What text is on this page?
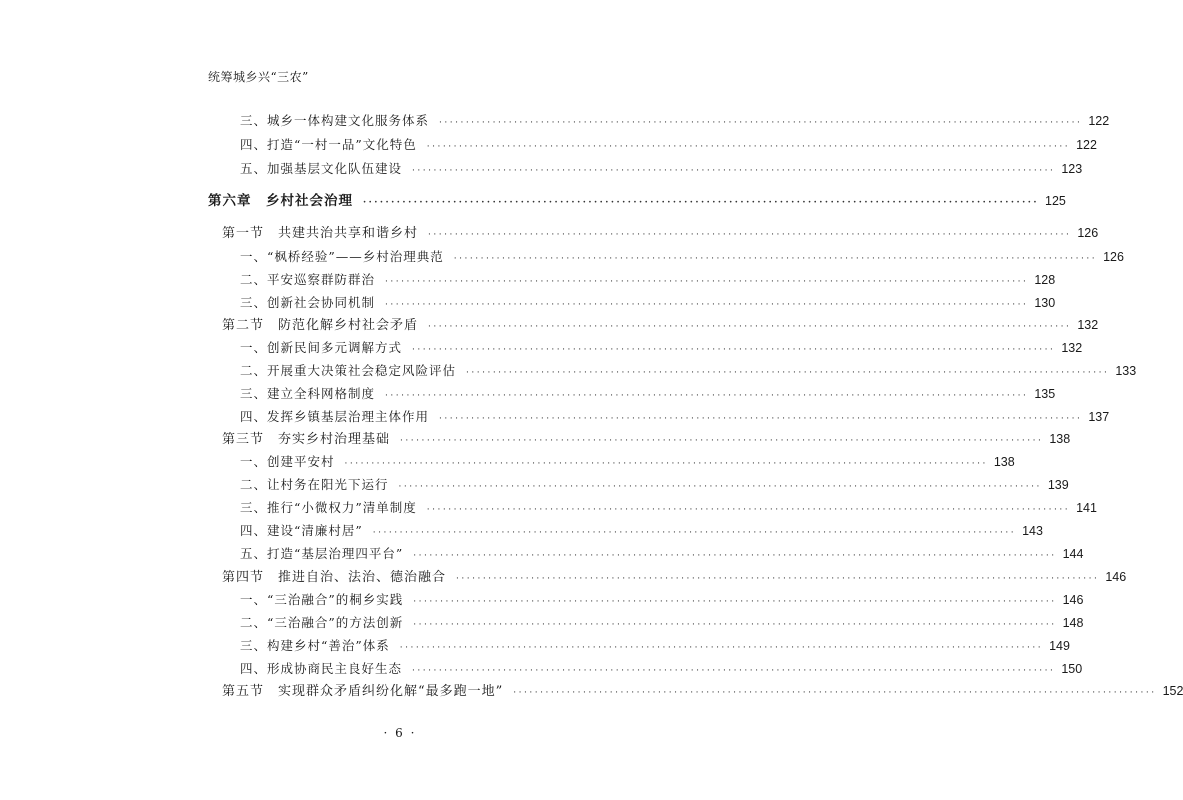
统筹城乡兴“三农”
三、城乡一体构建文化服务体系 ························································································································ 122
四、打造“一村一品”文化特色 ························································································································ 122
五、加强基层文化队伍建设 ························································································································ 123
第六章　乡村社会治理 ························································································································ 125
第一节　共建共治共享和谐乡村 ························································································································ 126
一、“枫桥经验”——乡村治理典范 ························································································································ 126
二、平安巡察群防群治 ························································································································ 128
三、创新社会协同机制 ························································································································ 130
第二节　防范化解乡村社会矛盾 ························································································································ 132
一、创新民间多元调解方式 ························································································································ 132
二、开展重大决策社会稳定风险评估 ························································································································ 133
三、建立全科网格制度 ························································································································ 135
四、发挥乡镇基层治理主体作用 ························································································································ 137
第三节　夯实乡村治理基础 ························································································································ 138
一、创建平安村 ························································································································ 138
二、让村务在阳光下运行 ························································································································ 139
三、推行“小微权力”清单制度 ························································································································ 141
四、建设“清廉村居” ························································································································ 143
五、打造“基层治理四平台” ························································································································ 144
第四节　推进自治、法治、德治融合 ························································································································ 146
一、“三治融合”的桐乡实践 ························································································································ 146
二、“三治融合”的方法创新 ························································································································ 148
三、构建乡村“善治”体系 ························································································································ 149
四、形成协商民主良好生态 ························································································································ 150
第五节　实现群众矛盾纠纷化解“最多跑一地” ························································································································ 152
· 6 ·
